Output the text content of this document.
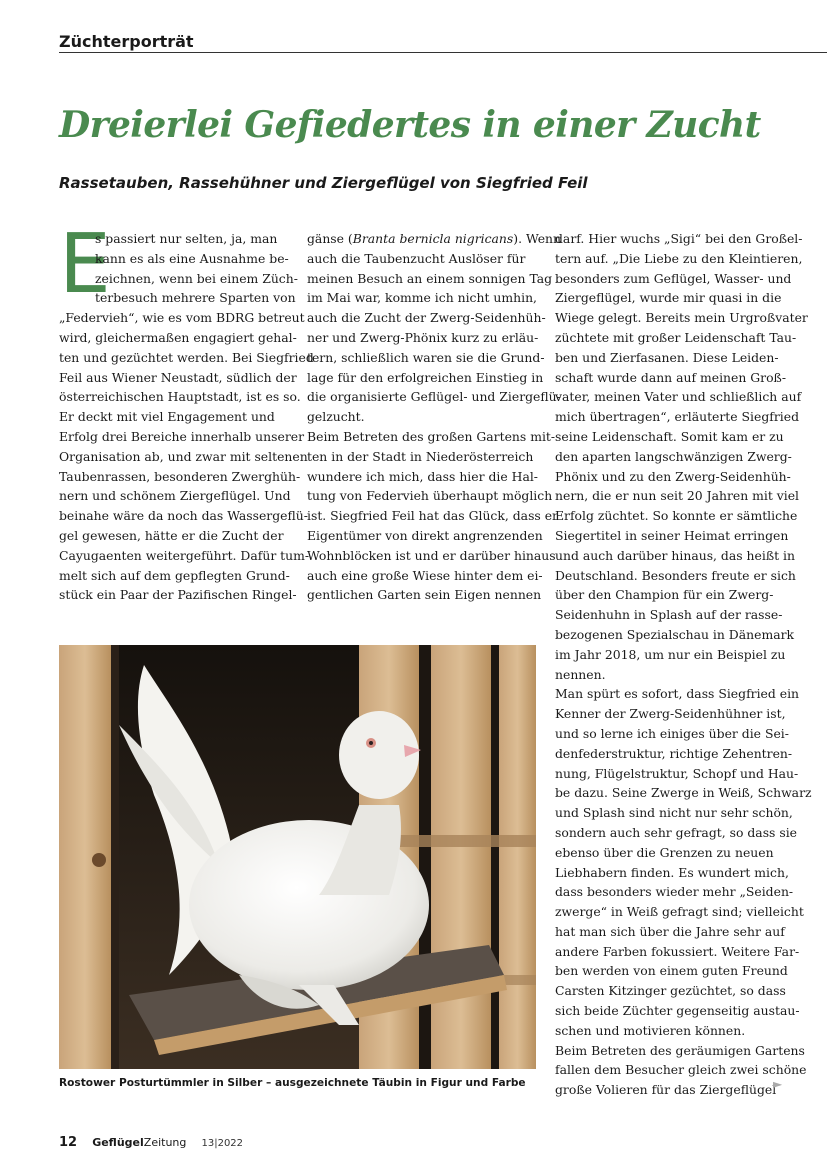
Züchterporträt
Dreierlei Gefiedertes in einer Zucht
Rassetauben, Rassehühner und Ziergeflügel von Siegfried Feil
E
s passiert nur selten, ja, man
kann es als eine Ausnahme be-
zeichnen, wenn bei einem Züch-
terbesuch mehrere Sparten von
„Federvieh“, wie es vom BDRG betreut
wird, gleichermaßen engagiert gehal-
ten und gezüchtet werden. Bei Siegfried
Feil aus Wiener Neustadt, südlich der
österreichischen Hauptstadt, ist es so.
Er deckt mit viel Engagement und
Erfolg drei Bereiche innerhalb unserer
Organisation ab, und zwar mit seltenen
Taubenrassen, besonderen Zwerghüh-
nern und schönem Ziergeflügel. Und
beinahe wäre da noch das Wassergeflü-
gel gewesen, hätte er die Zucht der
Cayugaenten weitergeführt. Dafür tum-
melt sich auf dem gepflegten Grund-
stück ein Paar der Pazifischen Ringel-
gänse (Branta bernicla nigricans). Wenn
auch die Taubenzucht Auslöser für
meinen Besuch an einem sonnigen Tag
im Mai war, komme ich nicht umhin,
auch die Zucht der Zwerg-Seidenhüh-
ner und Zwerg-Phönix kurz zu erläu-
tern, schließlich waren sie die Grund-
lage für den erfolgreichen Einstieg in
die organisierte Geflügel- und Ziergeflü-
gelzucht.
Beim Betreten des großen Gartens mit-
ten in der Stadt in Niederösterreich
wundere ich mich, dass hier die Hal-
tung von Federvieh überhaupt möglich
ist. Siegfried Feil hat das Glück, dass er
Eigentümer von direkt angrenzenden
Wohnblöcken ist und er darüber hinaus
auch eine große Wiese hinter dem ei-
gentlichen Garten sein Eigen nennen
darf. Hier wuchs „Sigi“ bei den Großel-
tern auf. „Die Liebe zu den Kleintieren,
besonders zum Geflügel, Wasser- und
Ziergeflügel, wurde mir quasi in die
Wiege gelegt. Bereits mein Urgroßvater
züchtete mit großer Leidenschaft Tau-
ben und Zierfasanen. Diese Leiden-
schaft wurde dann auf meinen Groß-
vater, meinen Vater und schließlich auf
mich übertragen“, erläuterte Siegfried
seine Leidenschaft. Somit kam er zu
den aparten langschwänzigen Zwerg-
Phönix und zu den Zwerg-Seidenhüh-
nern, die er nun seit 20 Jahren mit viel
Erfolg züchtet. So konnte er sämtliche
Siegertitel in seiner Heimat erringen
und auch darüber hinaus, das heißt in
Deutschland. Besonders freute er sich
über den Champion für ein Zwerg-
Seidenhuhn in Splash auf der rasse-
bezogenen Spezialschau in Dänemark
im Jahr 2018, um nur ein Beispiel zu
nennen.
Man spürt es sofort, dass Siegfried ein
Kenner der Zwerg-Seidenhühner ist,
und so lerne ich einiges über die Sei-
denfederstruktur, richtige Zehentren-
nung, Flügelstruktur, Schopf und Hau-
be dazu. Seine Zwerge in Weiß, Schwarz
und Splash sind nicht nur sehr schön,
sondern auch sehr gefragt, so dass sie
ebenso über die Grenzen zu neuen
Liebhabern finden. Es wundert mich,
dass besonders wieder mehr „Seiden-
zwerge“ in Weiß gefragt sind; vielleicht
hat man sich über die Jahre sehr auf
andere Farben fokussiert. Weitere Far-
ben werden von einem guten Freund
Carsten Kitzinger gezüchtet, so dass
sich beide Züchter gegenseitig austau-
schen und motivieren können.
Beim Betreten des geräumigen Gartens
fallen dem Besucher gleich zwei schöne
große Volieren für das Ziergeflügel
►
Rostower Posturtümmler in Silber – ausgezeichnete Täubin in Figur und Farbe
12 GeflügelZeitung 13|2022
